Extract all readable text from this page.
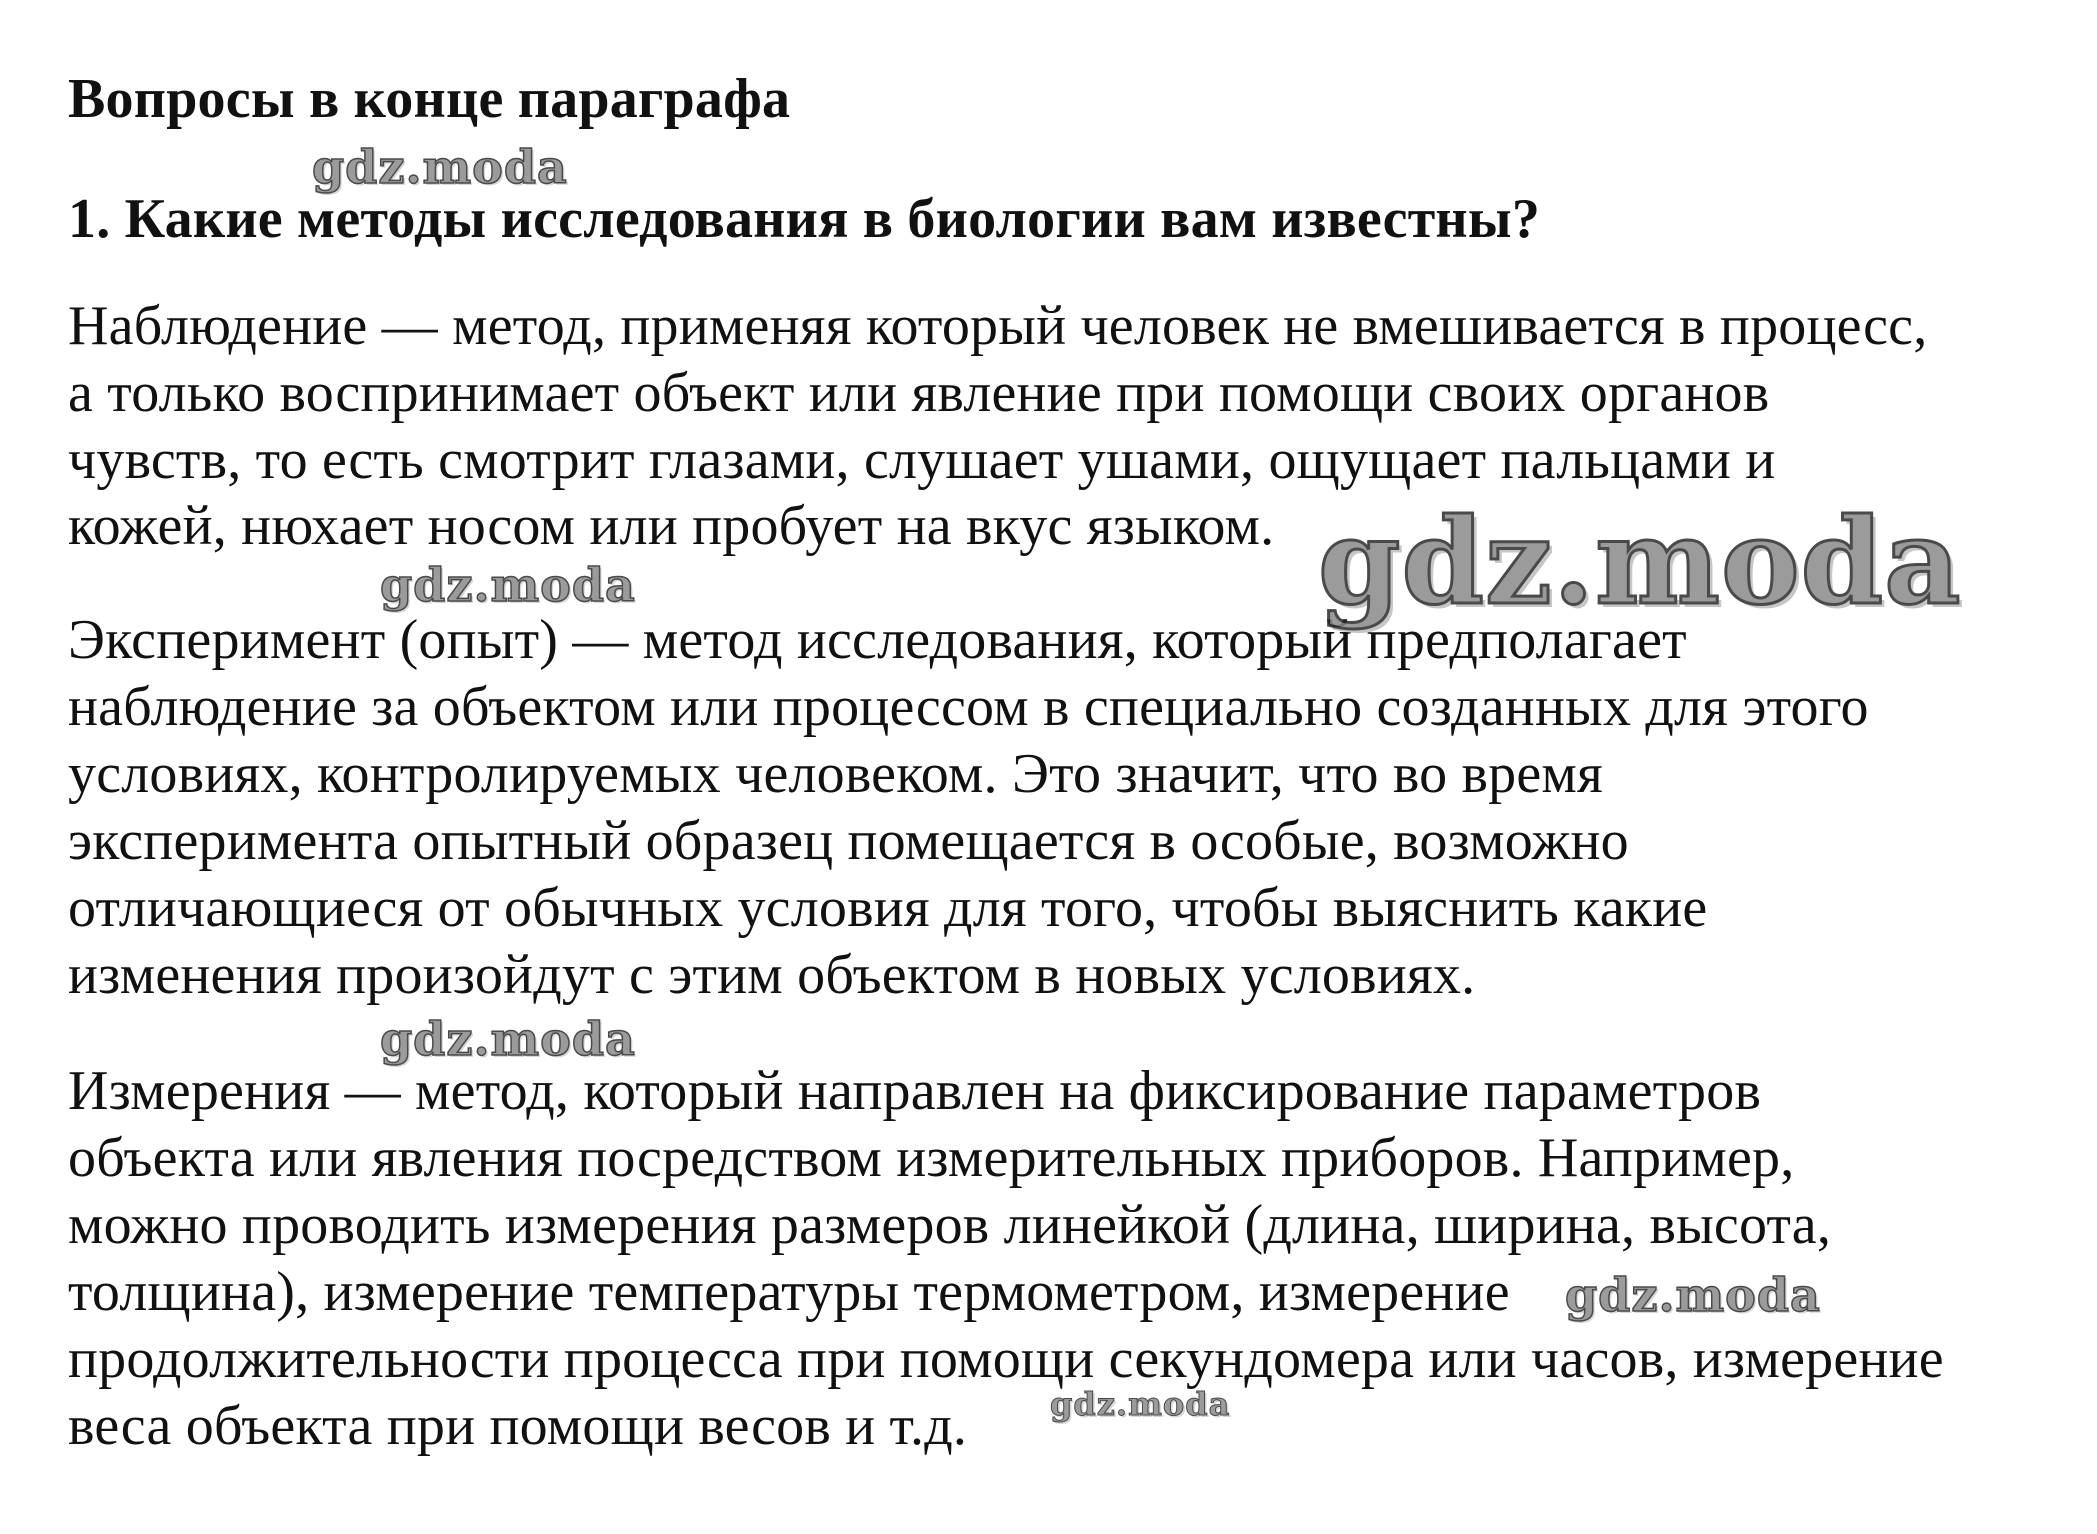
Вопросы в конце параграфа
1. Какие методы исследования в биологии вам известны?
Наблюдение — метод, применяя который человек не вмешивается в процесс,
а только воспринимает объект или явление при помощи своих органов
чувств, то есть смотрит глазами, слушает ушами, ощущает пальцами и
кожей, нюхает носом или пробует на вкус языком.
Эксперимент (опыт) — метод исследования, который предполагает
наблюдение за объектом или процессом в специально созданных для этого
условиях, контролируемых человеком. Это значит, что во время
эксперимента опытный образец помещается в особые, возможно
отличающиеся от обычных условия для того, чтобы выяснить какие
изменения произойдут с этим объектом в новых условиях.
Измерения — метод, который направлен на фиксирование параметров
объекта или явления посредством измерительных приборов. Например,
можно проводить измерения размеров линейкой (длина, ширина, высота,
толщина), измерение температуры термометром, измерение
продолжительности процесса при помощи секундомера или часов, измерение
веса объекта при помощи весов и т.д.
gdz.moda
gdz.moda
gdz.moda
gdz.moda
gdz.moda
gdz.moda
